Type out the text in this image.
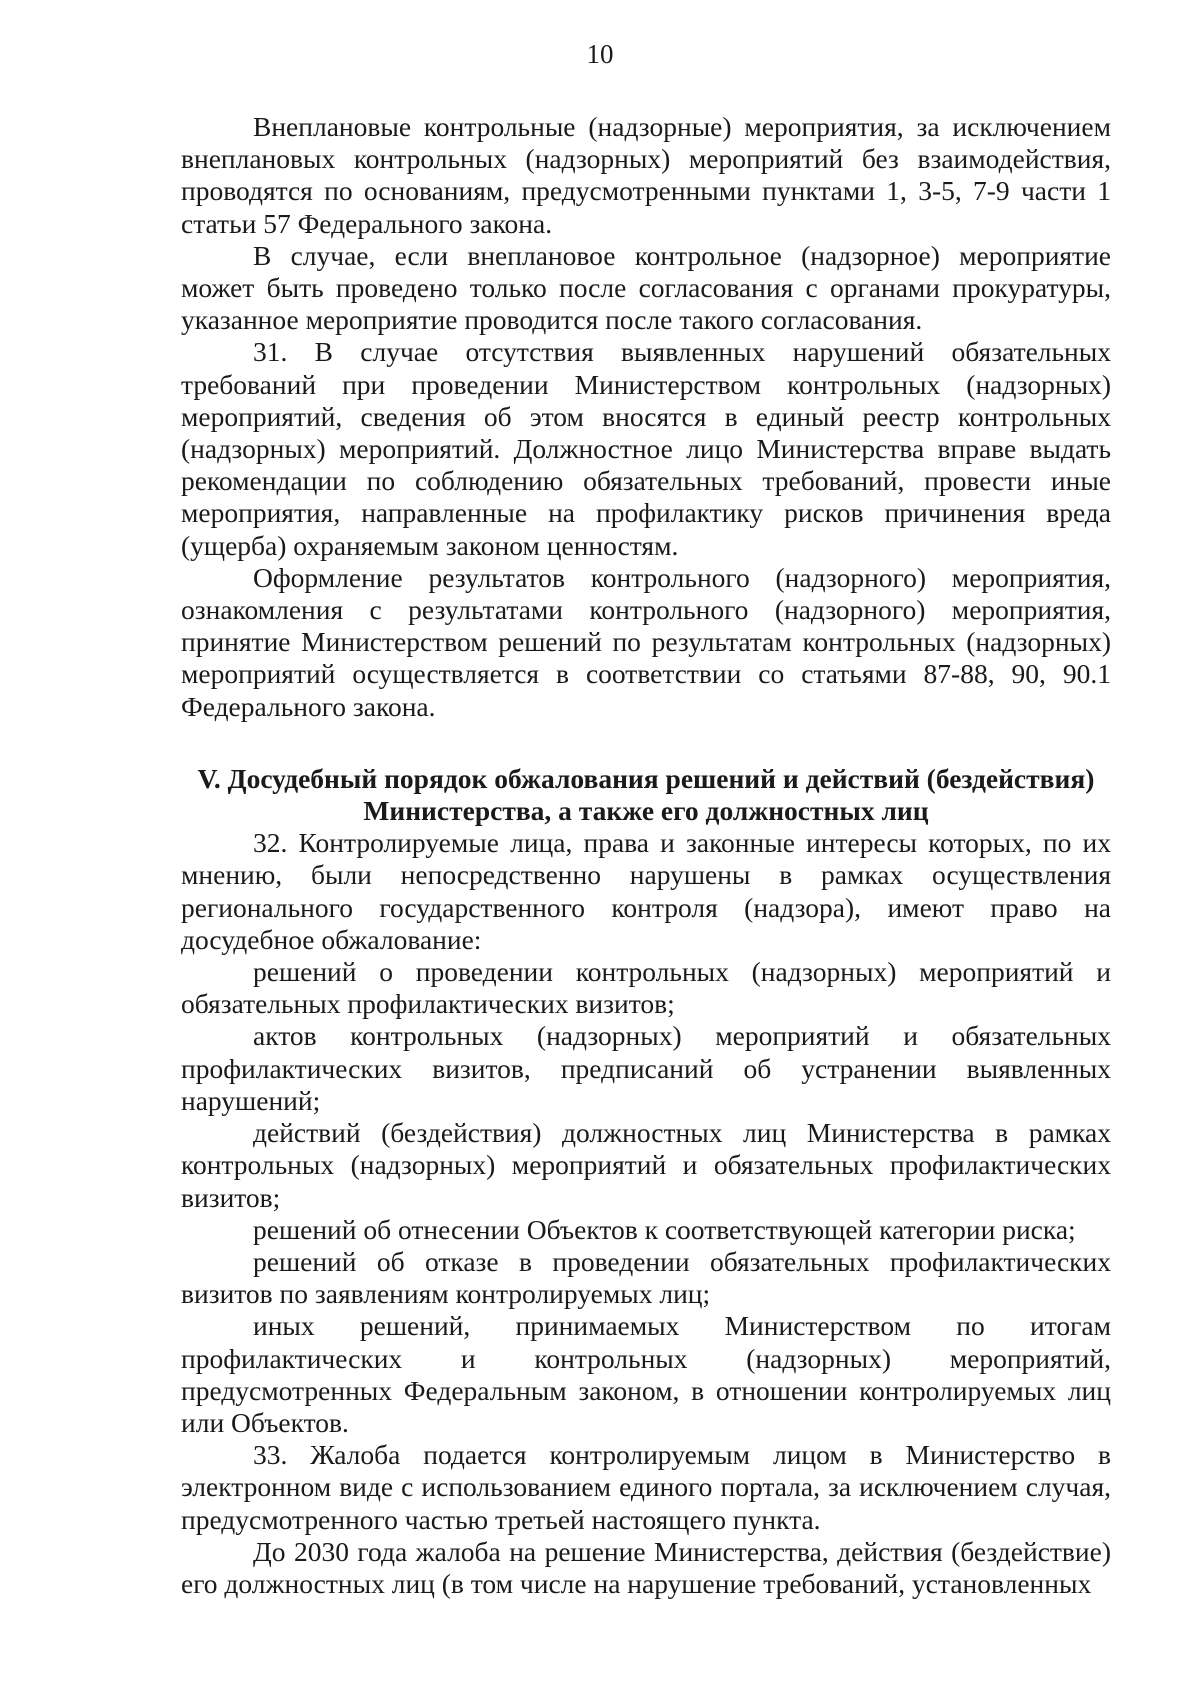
10

Внеплановые контрольные (надзорные) мероприятия, за исключением внеплановых контрольных (надзорных) мероприятий без взаимодействия, проводятся по основаниям, предусмотренными пунктами 1, 3-5, 7-9 части 1 статьи 57 Федерального закона.

В случае, если внеплановое контрольное (надзорное) мероприятие может быть проведено только после согласования с органами прокуратуры, указанное мероприятие проводится после такого согласования.

31. В случае отсутствия выявленных нарушений обязательных требований при проведении Министерством контрольных (надзорных) мероприятий, сведения об этом вносятся в единый реестр контрольных (надзорных) мероприятий. Должностное лицо Министерства вправе выдать рекомендации по соблюдению обязательных требований, провести иные мероприятия, направленные на профилактику рисков причинения вреда (ущерба) охраняемым законом ценностям.

Оформление результатов контрольного (надзорного) мероприятия, ознакомления с результатами контрольного (надзорного) мероприятия, принятие Министерством решений по результатам контрольных (надзорных) мероприятий осуществляется в соответствии со статьями 87-88, 90, 90.1 Федерального закона.

V. Досудебный порядок обжалования решений и действий (бездействия)
Министерства, а также его должностных лиц

32. Контролируемые лица, права и законные интересы которых, по их мнению, были непосредственно нарушены в рамках осуществления регионального государственного контроля (надзора), имеют право на досудебное обжалование:

решений о проведении контрольных (надзорных) мероприятий и обязательных профилактических визитов;

актов контрольных (надзорных) мероприятий и обязательных профилактических визитов, предписаний об устранении выявленных нарушений;

действий (бездействия) должностных лиц Министерства в рамках контрольных (надзорных) мероприятий и обязательных профилактических визитов;

решений об отнесении Объектов к соответствующей категории риска;

решений об отказе в проведении обязательных профилактических визитов по заявлениям контролируемых лиц;

иных решений, принимаемых Министерством по итогам профилактических и контрольных (надзорных) мероприятий, предусмотренных Федеральным законом, в отношении контролируемых лиц или Объектов.

33. Жалоба подается контролируемым лицом в Министерство в электронном виде с использованием единого портала, за исключением случая, предусмотренного частью третьей настоящего пункта.

До 2030 года жалоба на решение Министерства, действия (бездействие) его должностных лиц (в том числе на нарушение требований, установленных
